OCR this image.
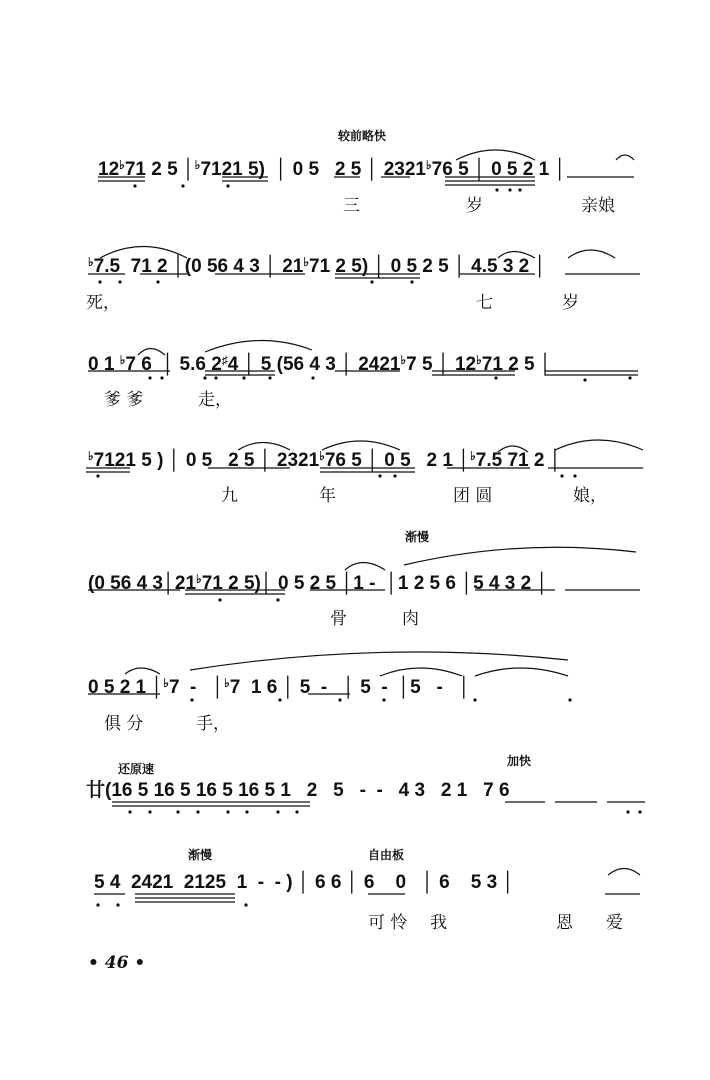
较前略快
12♭71 2 5 │♭7121 5)  │ 0 5   2 5 │ 2321♭76 5 │ 0 5 2 1 │
三	岁	亲娘
♭7.5  71 2 │(0 56 4 3 │ 21♭71 2 5) │ 0 5 2 5 │ 4.5 3 2 │
死，	七	岁
0 1 ♭7 6  │ 5.6 2♯4 │ 5 (56 4 3 │ 2421♭7 5 │ 12♭71 2 5 │
爹 爹	走，
♭7121 5 ) │ 0 5   2 5 │ 2321♭76 5 │ 0 5   2 1 │♭7.5 71 2 │
九	年	团 圆	娘，
渐慢
(0 56 4 3│21♭71 2 5)│ 0 5 2 5 │1 -  │1 2 5 6 │5 4 3 2 │
骨	肉
0 5 2 1 │♭7  -   │♭7  1 6 │ 5  -   │ 5  -  │5   -   │
俱 分	手，
还原速
加快
廿(16 5 16 5 16 5 16 5 1   2   5   -  -   4 3   2 1   7 6
渐慢	自由板
5 4  2421  2125  1  -  - ) │ 6 6 │ 6    0   │ 6    5 3 │
可 怜 我	恩 爱
• 46 •
